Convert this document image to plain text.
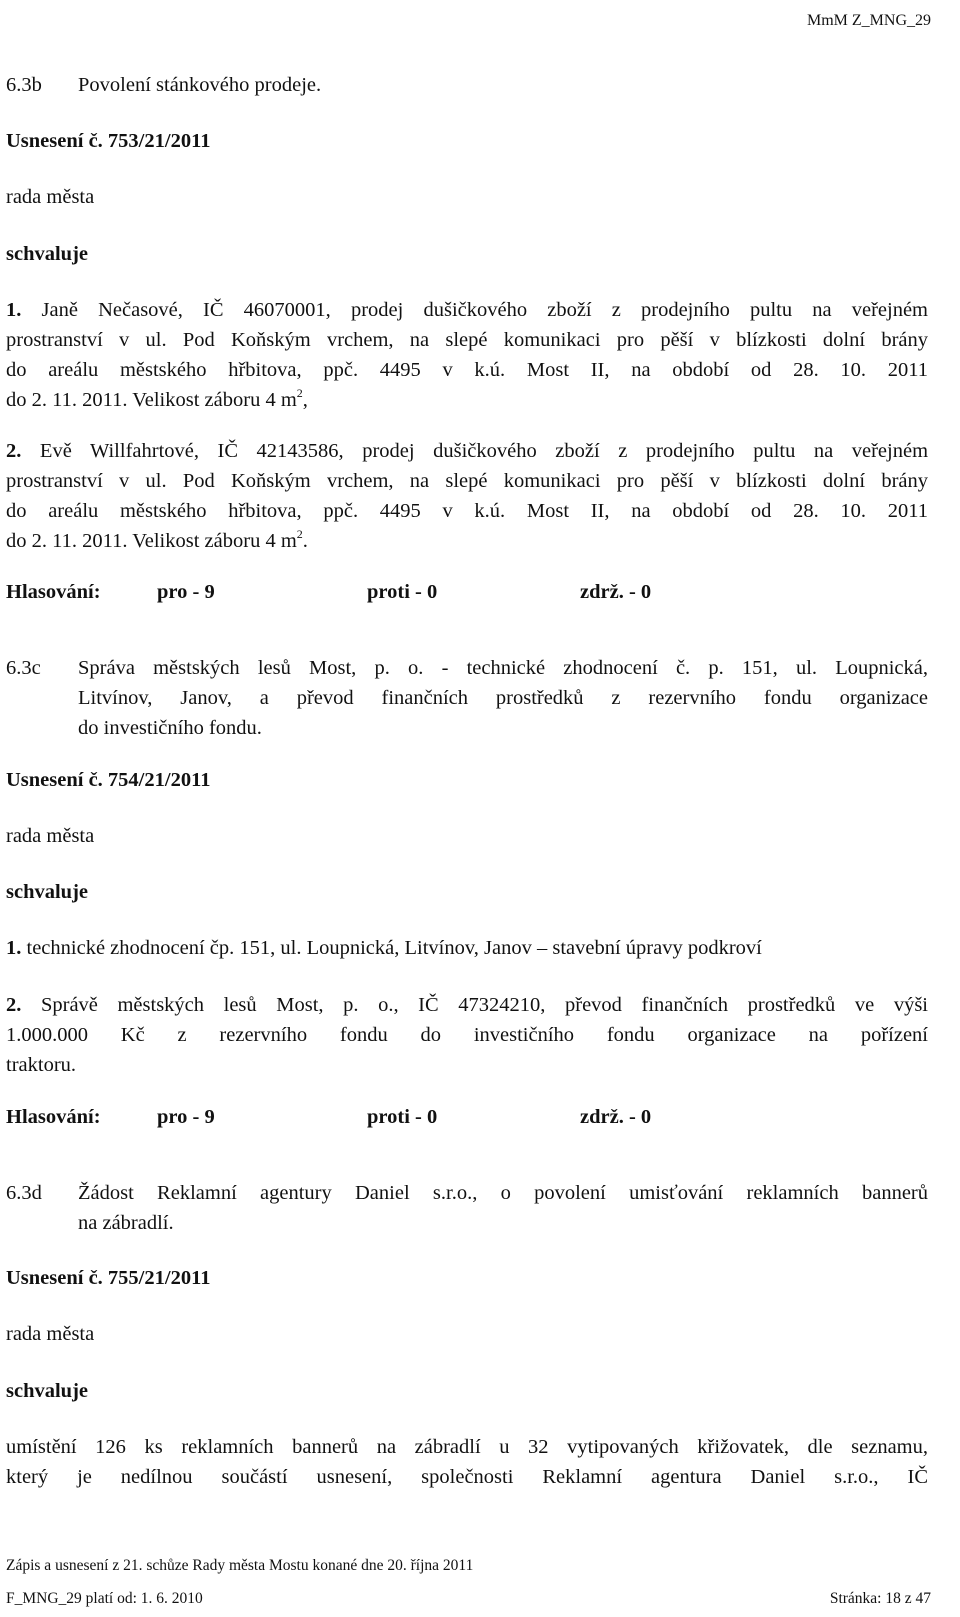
MmM Z_MNG_29
6.3b Povolení stánkového prodeje.
Usnesení č. 753/21/2011
rada města
schvaluje
1. Janě Nečasové, IČ 46070001, prodej dušičkového zboží z prodejního pultu na veřejném
prostranství v ul. Pod Koňským vrchem, na slepé komunikaci pro pěší v blízkosti dolní brány
do areálu městského hřbitova, ppč. 4495 v k.ú. Most II, na období od 28. 10. 2011
do 2. 11. 2011. Velikost záboru 4 $m^2$,
2. Evě Willfahrtové, IČ 42143586, prodej dušičkového zboží z prodejního pultu na veřejném
prostranství v ul. Pod Koňským vrchem, na slepé komunikaci pro pěší v blízkosti dolní brány
do areálu městského hřbitova, ppč. 4495 v k.ú. Most II, na období od 28. 10. 2011
do 2. 11. 2011. Velikost záboru 4 $m^2$.
Hlasování:	pro - 9	proti - 0	zdrž. - 0
6.3c Správa městských lesů Most, p. o. - technické zhodnocení č. p. 151, ul. Loupnická,
Litvínov, Janov, a převod finančních prostředků z rezervního fondu organizace
do investičního fondu.
Usnesení č. 754/21/2011
rada města
schvaluje
1. technické zhodnocení čp. 151, ul. Loupnická, Litvínov, Janov – stavební úpravy podkroví
2. Správě městských lesů Most, p. o., IČ 47324210, převod finančních prostředků ve výši
1.000.000 Kč z rezervního fondu do investičního fondu organizace na pořízení
traktoru.
Hlasování:	pro - 9	proti - 0	zdrž. - 0
6.3d Žádost Reklamní agentury Daniel s.r.o., o povolení umisťování reklamních bannerů
na zábradlí.
Usnesení č. 755/21/2011
rada města
schvaluje
umístění 126 ks reklamních bannerů na zábradlí u 32 vytipovaných křižovatek, dle seznamu,
který je nedílnou součástí usnesení, společnosti Reklamní agentura Daniel s.r.o., IČ
Zápis a usnesení z 21. schůze Rady města Mostu konané dne 20. října 2011
F_MNG_29 platí od: 1. 6. 2010	Stránka: 18 z 47
